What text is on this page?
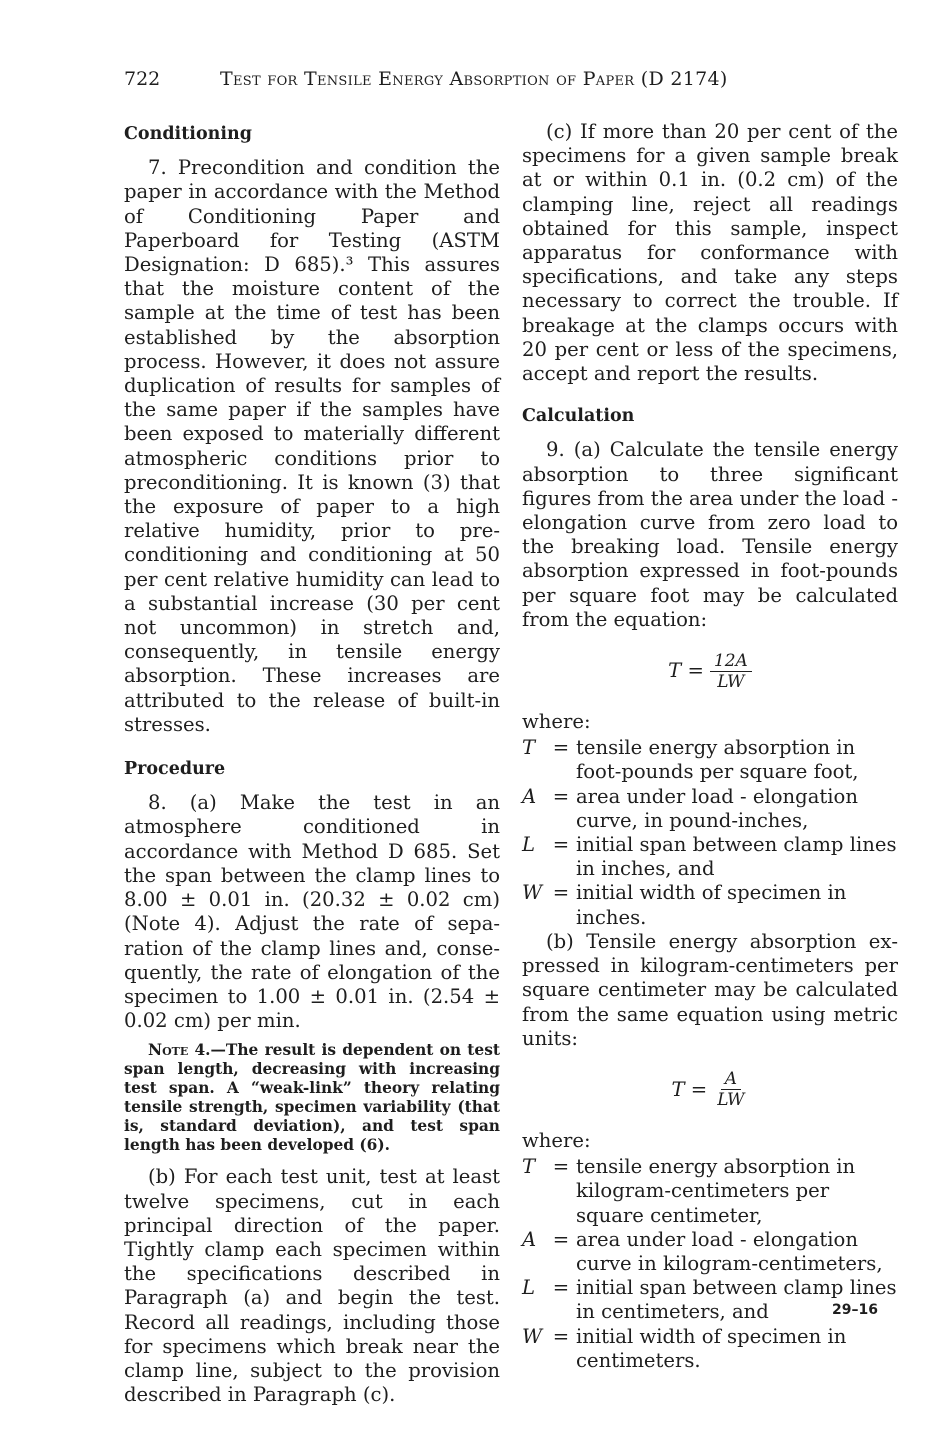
722	Test for Tensile Energy Absorption of Paper (D 2174)
Conditioning

7. Precondition and condition the paper in accordance with the Method of Conditioning Paper and Paperboard for Testing (ASTM Designation: D 685).³ This assures that the moisture content of the sample at the time of test has been established by the absorption process. However, it does not assure duplication of results for samples of the same paper if the samples have been exposed to materially different atmospheric conditions prior to preconditioning. It is known (3) that the exposure of paper to a high relative humidity, prior to preconditioning and conditioning at 50 per cent relative humidity can lead to a substantial increase (30 per cent not uncommon) in stretch and, consequently, in tensile energy absorption. These increases are attributed to the release of built-in stresses.

Procedure

8. (a) Make the test in an atmosphere conditioned in accordance with Method D 685. Set the span between the clamp lines to 8.00 ± 0.01 in. (20.32 ± 0.02 cm) (Note 4). Adjust the rate of separation of the clamp lines and, consequently, the rate of elongation of the specimen to 1.00 ± 0.01 in. (2.54 ± 0.02 cm) per min.

Note 4.—The result is dependent on test span length, decreasing with increasing test span. A “weak-link” theory relating tensile strength, specimen variability (that is, standard deviation), and test span length has been developed (6).

(b) For each test unit, test at least twelve specimens, cut in each principal direction of the paper. Tightly clamp each specimen within the specifications described in Paragraph (a) and begin the test. Record all readings, including those for specimens which break near the clamp line, subject to the provision described in Paragraph (c).

(c) If more than 20 per cent of the specimens for a given sample break at or within 0.1 in. (0.2 cm) of the clamping line, reject all readings obtained for this sample, inspect apparatus for conformance with specifications, and take any steps necessary to correct the trouble. If breakage at the clamps occurs with 20 per cent or less of the specimens, accept and report the results.

Calculation

9. (a) Calculate the tensile energy absorption to three significant figures from the area under the load - elongation curve from zero load to the breaking load. Tensile energy absorption expressed in foot-pounds per square foot may be calculated from the equation:

$T = \frac{12A}{LW}$
where:
T = tensile energy absorption in foot-pounds per square foot,
A = area under load - elongation curve, in pound-inches,
L = initial span between clamp lines in inches, and
W = initial width of specimen in inches.

(b) Tensile energy absorption expressed in kilogram-centimeters per square centimeter may be calculated from the same equation using metric units:

$T = \frac{A}{LW}$
where:
T = tensile energy absorption in kilogram-centimeters per square centimeter,
A = area under load - elongation curve in kilogram-centimeters,
L = initial span between clamp lines in centimeters, and
W = initial width of specimen in centimeters.
29–16
